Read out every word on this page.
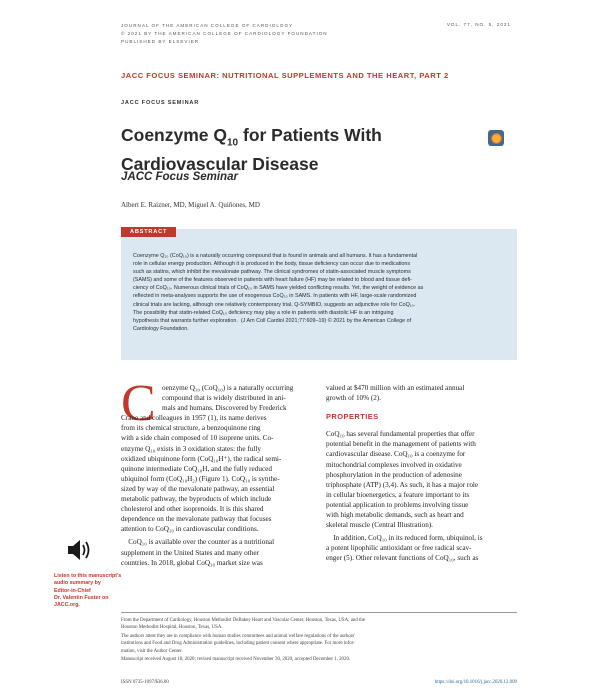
JOURNAL OF THE AMERICAN COLLEGE OF CARDIOLOGY
© 2021 BY THE AMERICAN COLLEGE OF CARDIOLOGY FOUNDATION
PUBLISHED BY ELSEVIER
VOL. 77, NO. 5, 2021
JACC FOCUS SEMINAR: NUTRITIONAL SUPPLEMENTS AND THE HEART, PART 2
JACC FOCUS SEMINAR
Coenzyme $Q_{10}$ for Patients With
Cardiovascular Disease
JACC Focus Seminar
Albert E. Raizner, MD, Miguel A. Quiñones, MD
ABSTRACT
Coenzyme Q₁₀ (CoQ₁₀) is a naturally occurring compound that is found in animals and all humans. It has a fundamental
role in cellular energy production. Although it is produced in the body, tissue deficiency can occur due to medications
such as statins, which inhibit the mevalonate pathway. The clinical syndromes of statin-associated muscle symptoms
(SAMS) and some of the features observed in patients with heart failure (HF) may be related to blood and tissue defi-
ciency of CoQ₁₀. Numerous clinical trials of CoQ₁₀ in SAMS have yielded conflicting results. Yet, the weight of evidence as
reflected in meta-analyses supports the use of exogenous CoQ₁₀ in SAMS. In patients with HF, large-scale randomized
clinical trials are lacking, although one relatively contemporary trial, Q-SYMBIO, suggests an adjunctive role for CoQ₁₀.
The possibility that statin-related CoQ₁₀ deficiency may play a role in patients with diastolic HF is an intriguing
hypothesis that warrants further exploration.  (J Am Coll Cardiol 2021;77:609–19) © 2021 by the American College of
Cardiology Foundation.
C oenzyme Q₁₀ (CoQ₁₀) is a naturally occurring
compound that is widely distributed in ani-
mals and humans. Discovered by Frederick
Crane and colleagues in 1957 (1), its name derives
from its chemical structure, a benzoquinone ring
with a side chain composed of 10 isoprene units. Co-
enzyme Q₁₀ exists in 3 oxidation states: the fully
oxidized ubiquinone form (CoQ₁₀H⁺), the radical semi-
quinone intermediate CoQ₁₀H, and the fully reduced
ubiquinol form (CoQ₁₀H₂) (Figure 1). CoQ₁₀ is synthe-
sized by way of the mevalonate pathway, an essential
metabolic pathway, the byproducts of which include
cholesterol and other isoprenoids. It is this shared
dependence on the mevalonate pathway that focuses
attention to CoQ₁₀ in cardiovascular conditions.
CoQ₁₀ is available over the counter as a nutritional
supplement in the United States and many other
countries. In 2018, global CoQ₁₀ market size was
valued at $470 million with an estimated annual
growth of 10% (2).
PROPERTIES
CoQ₁₀ has several fundamental properties that offer
potential benefit in the management of patients with
cardiovascular disease. CoQ₁₀ is a coenzyme for
mitochondrial complexes involved in oxidative
phosphorylation in the production of adenosine
triphosphate (ATP) (3,4). As such, it has a major role
in cellular bioenergetics, a feature important to its
potential application to problems involving tissue
with high metabolic demands, such as heart and
skeletal muscle (Central Illustration).
In addition, CoQ₁₀ in its reduced form, ubiquinol, is
a potent lipophilic antioxidant or free radical scav-
enger (5). Other relevant functions of CoQ₁₀, such as
Listen to this manuscript's
audio summary by
Editor-in-Chief
Dr. Valentin Fuster on
JACC.org.

From the Department of Cardiology, Houston Methodist DeBakey Heart and Vascular Center, Houston, Texas, USA; and the
Houston Methodist Hospital, Houston, Texas, USA.

The authors attest they are in compliance with human studies committees and animal welfare regulations of the authors'
institutions and Food and Drug Administration guidelines, including patient consent where appropriate. For more infor-
mation, visit the Author Center.

Manuscript received August 18, 2020; revised manuscript received November 30, 2020, accepted December 1, 2020.

ISSN 0735-1097/$36.00	https://doi.org/10.1016/j.jacc.2020.12.009
